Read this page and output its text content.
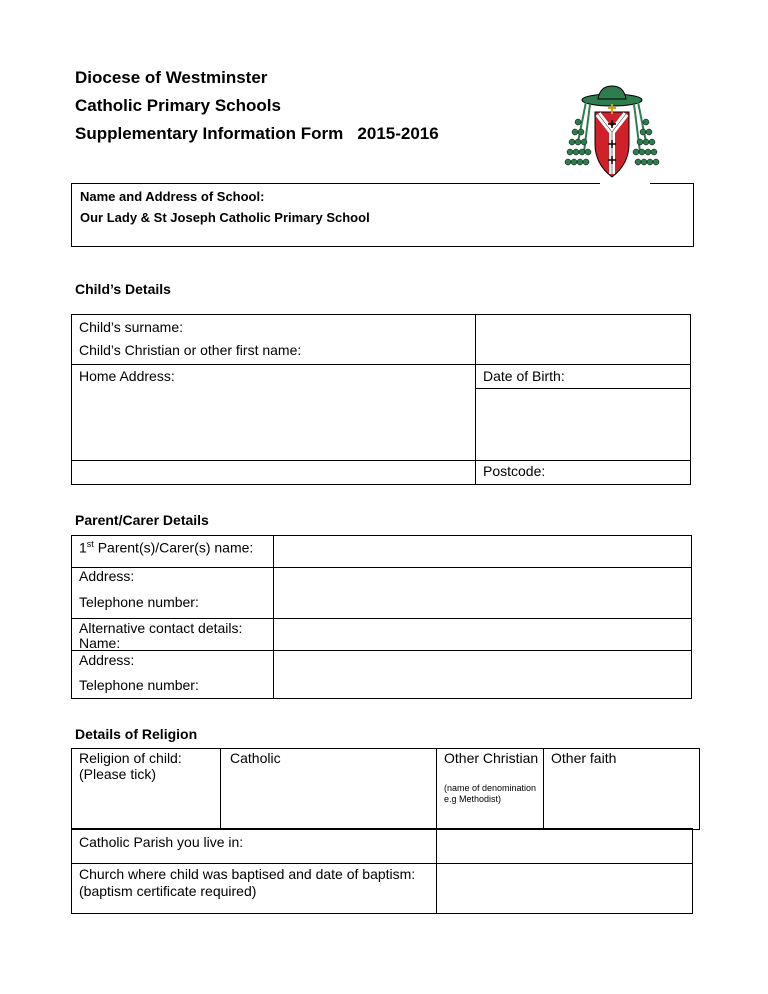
Diocese of Westminster
Catholic Primary Schools
Supplementary Information Form   2015-2016
Name and Address of School:
Our Lady & St Joseph Catholic Primary School
Child’s Details
Child’s surname:
Child’s Christian or other first name:
Home Address:	Date of Birth:
Postcode:
Parent/Carer Details
1st Parent(s)/Carer(s) name:
Address:
Telephone number:
Alternative contact details:
Name:
Address:
Telephone number:
Details of Religion
Religion of child:
(Please tick)
Catholic	Other Christian
(name of denomination e.g Methodist)
Other faith
Catholic Parish you live in:
Church where child was baptised and date of baptism: (baptism certificate required)
